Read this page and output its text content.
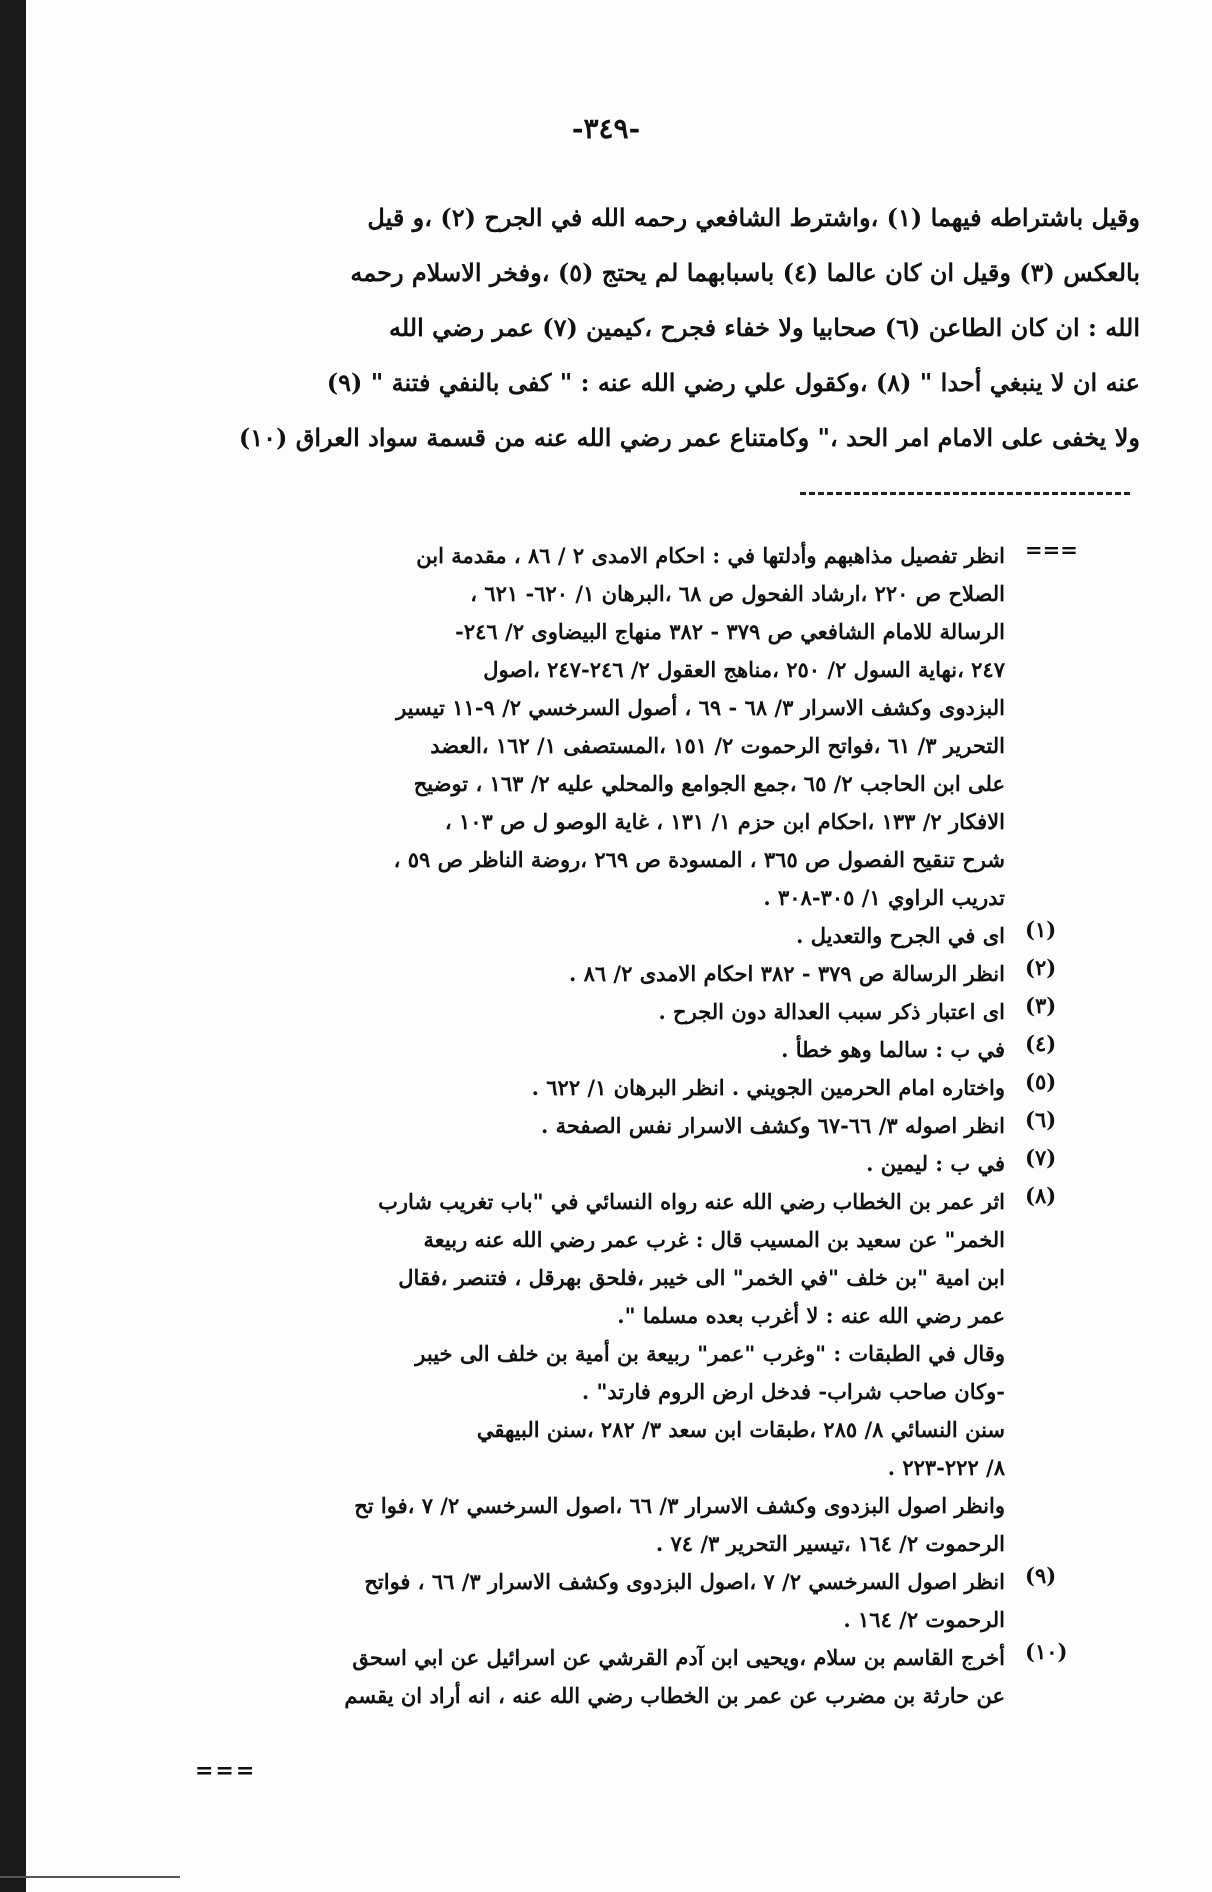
-٣٤٩-
وقيل باشتراطه فيهما (١) ،واشترط الشافعي رحمه الله في الجرح (٢) ،و قيل
بالعكس (٣) وقيل ان كان عالما (٤) باسبابهما لم يحتج (٥) ،وفخر الاسلام رحمه
الله : ان كان الطاعن (٦) صحابيا ولا خفاء فجرح ،كيمين (٧) عمر رضي الله
عنه ان لا ينبغي أحدا " (٨) ،وكقول علي رضي الله عنه : " كفى بالنفي فتنة " (٩)
ولا يخفى على الامام امر الحد ،" وكامتناع عمر رضي الله عنه من قسمة سواد العراق (١٠)
===
انظر تفصيل مذاهبهم وأدلتها في : احكام الامدى ٢ / ٨٦ ، مقدمة ابن
الصلاح ص ٢٢٠ ،ارشاد الفحول ص ٦٨ ،البرهان ١/ ٦٢٠- ٦٢١ ،
الرسالة للامام الشافعي ص ٣٧٩ - ٣٨٢ منهاج البيضاوى ٢/ ٢٤٦-
٢٤٧ ،نهاية السول ٢/ ٢٥٠ ،مناهج العقول ٢/ ٢٤٦-٢٤٧ ،اصول
البزدوى وكشف الاسرار ٣/ ٦٨ - ٦٩ ، أصول السرخسي ٢/ ٩-١١ تيسير
التحرير ٣/ ٦١ ،فواتح الرحموت ٢/ ١٥١ ،المستصفى ١/ ١٦٢ ،العضد
على ابن الحاجب ٢/ ٦٥ ،جمع الجوامع والمحلي عليه ٢/ ١٦٣ ، توضيح
الافكار ٢/ ١٣٣ ،احكام ابن حزم ١/ ١٣١ ، غاية الوصو ل ص ١٠٣ ،
شرح تنقيح الفصول ص ٣٦٥ ، المسودة ص ٢٦٩ ،روضة الناظر ص ٥٩ ،
تدريب الراوي ١/ ٣٠٥-٣٠٨ .
(١)
اى في الجرح والتعديل .
(٢)
انظر الرسالة ص ٣٧٩ - ٣٨٢ احكام الامدى ٢/ ٨٦ .
(٣)
اى اعتبار ذكر سبب العدالة دون الجرح .
(٤)
في ب : سالما وهو خطأ .
(٥)
واختاره امام الحرمين الجويني . انظر البرهان ١/ ٦٢٢ .
(٦)
انظر اصوله ٣/ ٦٦-٦٧ وكشف الاسرار نفس الصفحة .
(٧)
في ب : ليمين .
(٨)
اثر عمر بن الخطاب رضي الله عنه رواه النسائي في "باب تغريب شارب
الخمر" عن سعيد بن المسيب قال : غرب عمر رضي الله عنه ربيعة
ابن امية "بن خلف "في الخمر" الى خيبر ،فلحق بهرقل ، فتنصر ،فقال
عمر رضي الله عنه : لا أغرب بعده مسلما ".
وقال في الطبقات : "وغرب "عمر" ربيعة بن أمية بن خلف الى خيبر
-وكان صاحب شراب- فدخل ارض الروم فارتد" .
سنن النسائي ٨/ ٢٨٥ ،طبقات ابن سعد ٣/ ٢٨٢ ،سنن البيهقي
٨/ ٢٢٢-٢٢٣ .
وانظر اصول البزدوى وكشف الاسرار ٣/ ٦٦ ،اصول السرخسي ٢/ ٧ ،فوا تح
الرحموت ٢/ ١٦٤ ،تيسير التحرير ٣/ ٧٤ .
(٩)
انظر اصول السرخسي ٢/ ٧ ،اصول البزدوى وكشف الاسرار ٣/ ٦٦ ، فواتح
الرحموت ٢/ ١٦٤ .
(١٠)
أخرج القاسم بن سلام ،ويحيى ابن آدم القرشي عن اسرائيل عن ابي اسحق
عن حارثة بن مضرب عن عمر بن الخطاب رضي الله عنه ، انه أراد ان يقسم
===
